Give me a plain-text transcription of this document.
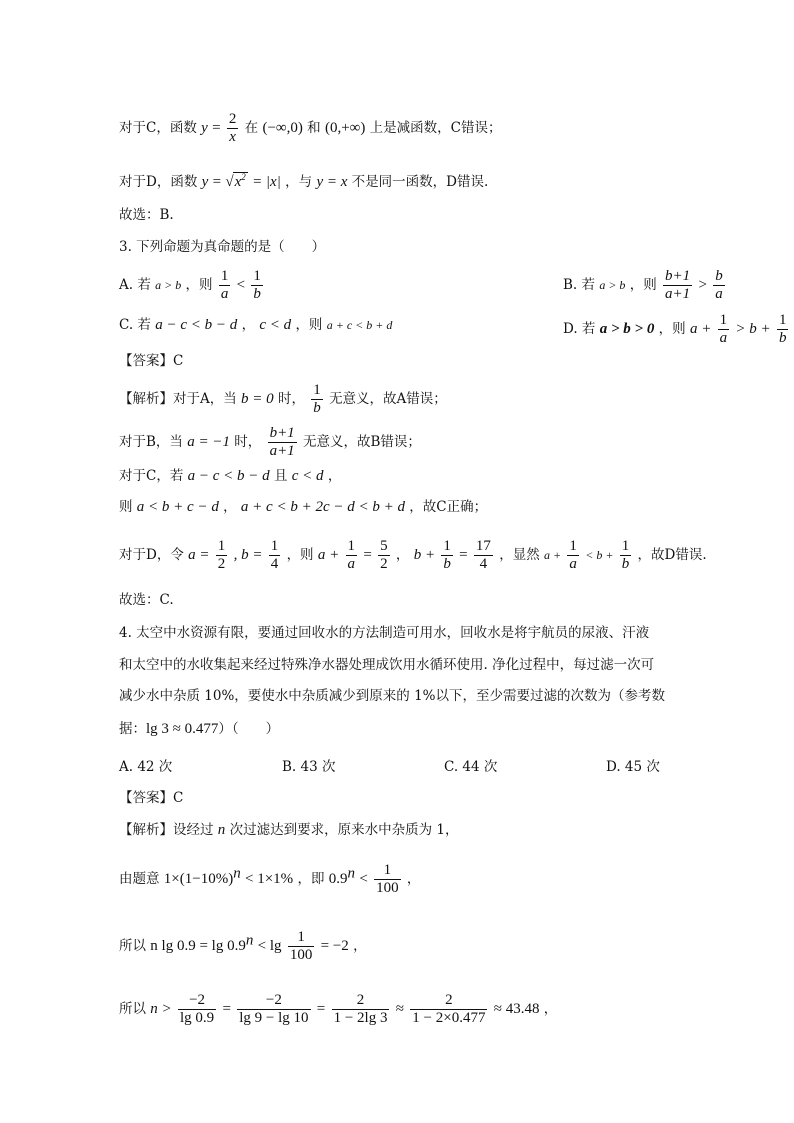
对于C，函数 $y = \frac{2}{x}$ 在 (−∞,0) 和 (0,+∞) 上是减函数，C错误；
对于D，函数 $y = √x^2 = |x|$ ，与 y = x 不是同一函数，D错误.
故选：B.
3. 下列命题为真命题的是（　　）
A. 若 a > b ，则 $\frac{1}{a} < \frac{1}{b}$	B. 若 a > b ，则 $\frac{b+1}{a+1} > \frac{b}{a}$
C. 若 a − c < b − d ， c < d ，则 a + c < b + d	D. 若 a > b > 0 ，则 $a + \frac{1}{a} > b + \frac{1}{b}$
【答案】C
【解析】对于A，当 b = 0 时， $\frac{1}{b}$ 无意义，故A错误；
对于B，当 a = −1 时， $\frac{b+1}{a+1}$ 无意义，故B错误；
对于C，若 a − c < b − d 且 c < d ，
则 a < b + c − d ， a + c < b + 2c − d < b + d ，故C正确；
对于D，令 $a = \frac{1}{2}$ , $b = \frac{1}{4}$ ，则 $a + \frac{1}{a} = \frac{5}{2}$ ， $b + \frac{1}{b} = \frac{17}{4}$ ，显然 $a + \frac{1}{a} < b + \frac{1}{b}$ ，故D错误.
故选：C.
4. 太空中水资源有限，要通过回收水的方法制造可用水，回收水是将宇航员的尿液、汗液
和太空中的水收集起来经过特殊净水器处理成饮用水循环使用. 净化过程中，每过滤一次可
减少水中杂质 10%，要使水中杂质减少到原来的 1%以下，至少需要过滤的次数为（参考数
据：lg 3 ≈ 0.477）（　　）
A. 42 次	B. 43 次	C. 44 次	D. 45 次
【答案】C
【解析】设经过 n 次过滤达到要求，原来水中杂质为 1，
由题意 $1\times(1-10\%)^n < 1\times 1\%$ ，即 $0.9^n < \frac{1}{100}$ ，
所以 n $\lg 0.9 = \lg 0.9^n < \lg \frac{1}{100} = -2$ ，
所以 $n > \frac{-2}{\lg 0.9} = \frac{-2}{\lg 9 - \lg 10} = \frac{2}{1 - 2\lg 3} \approx \frac{2}{1 - 2\times 0.477} \approx 43.48$ ，
